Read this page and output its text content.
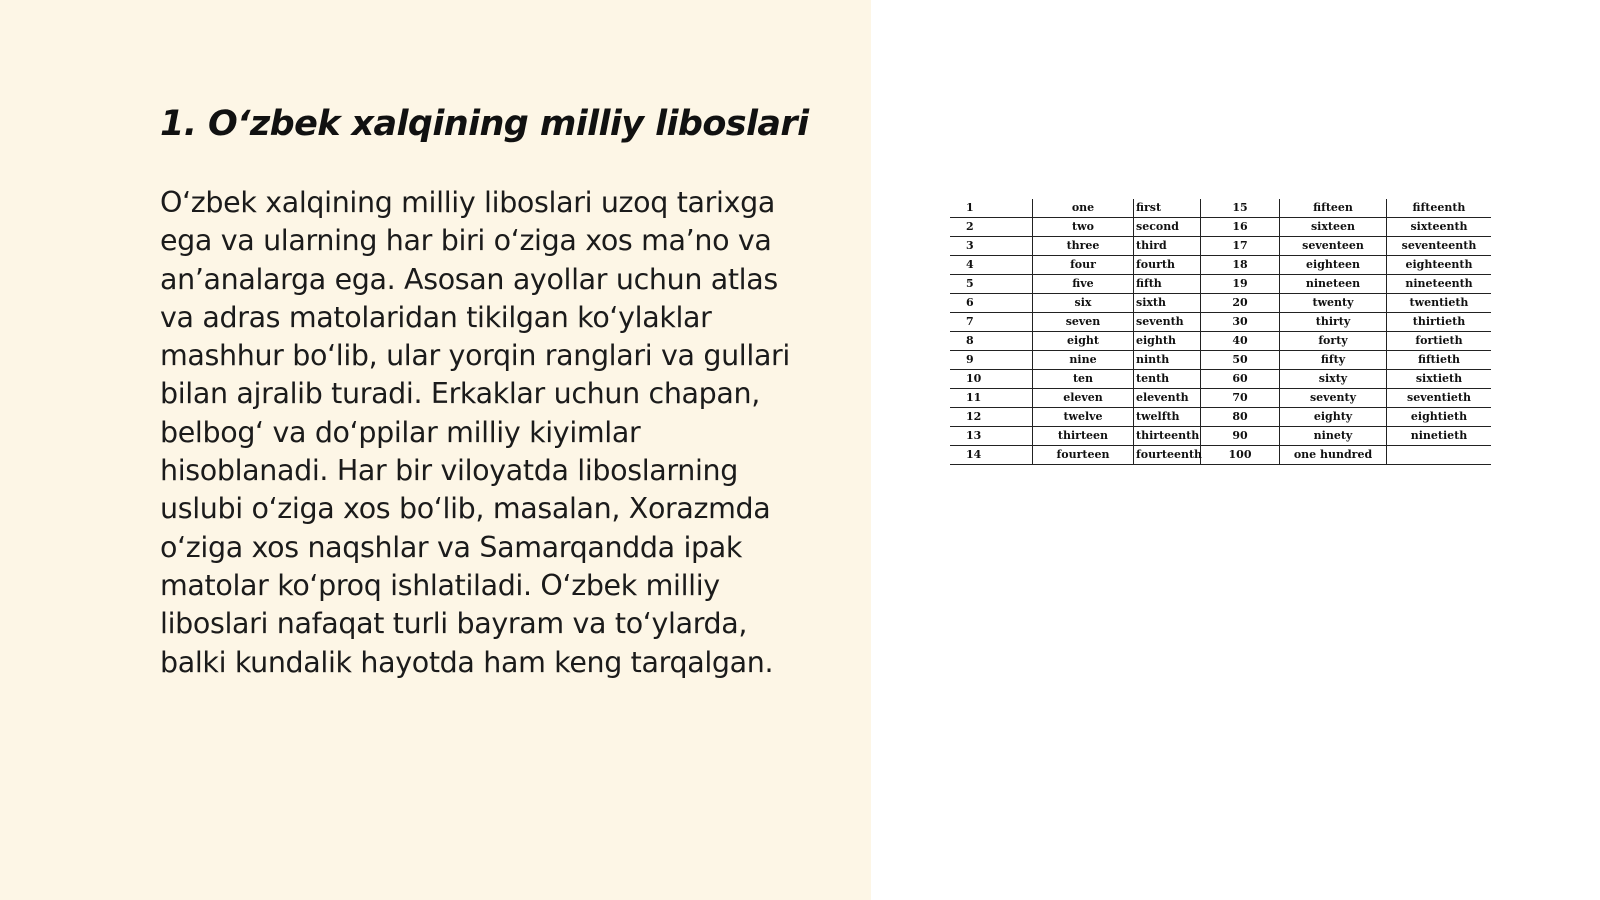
1. O‘zbek xalqining milliy liboslari

O‘zbek xalqining milliy liboslari uzoq tarixga
ega va ularning har biri o‘ziga xos ma’no va
an’analarga ega. Asosan ayollar uchun atlas
va adras matolaridan tikilgan ko‘ylaklar
mashhur bo‘lib, ular yorqin ranglari va gullari
bilan ajralib turadi. Erkaklar uchun chapan,
belbog‘ va do‘ppilar milliy kiyimlar
hisoblanadi. Har bir viloyatda liboslarning
uslubi o‘ziga xos bo‘lib, masalan, Xorazmda
o‘ziga xos naqshlar va Samarqandda ipak
matolar ko‘proq ishlatiladi. O‘zbek milliy
liboslari nafaqat turli bayram va to‘ylarda,
balki kundalik hayotda ham keng tarqalgan.

1	one	first	15	fifteen	fifteenth
2	two	second	16	sixteen	sixteenth
3	three	third	17	seventeen	seventeenth
4	four	fourth	18	eighteen	eighteenth
5	five	fifth	19	nineteen	nineteenth
6	six	sixth	20	twenty	twentieth
7	seven	seventh	30	thirty	thirtieth
8	eight	eighth	40	forty	fortieth
9	nine	ninth	50	fifty	fiftieth
10	ten	tenth	60	sixty	sixtieth
11	eleven	eleventh	70	seventy	seventieth
12	twelve	twelfth	80	eighty	eightieth
13	thirteen	thirteenth	90	ninety	ninetieth
14	fourteen	fourteenth	100	one hundred	
